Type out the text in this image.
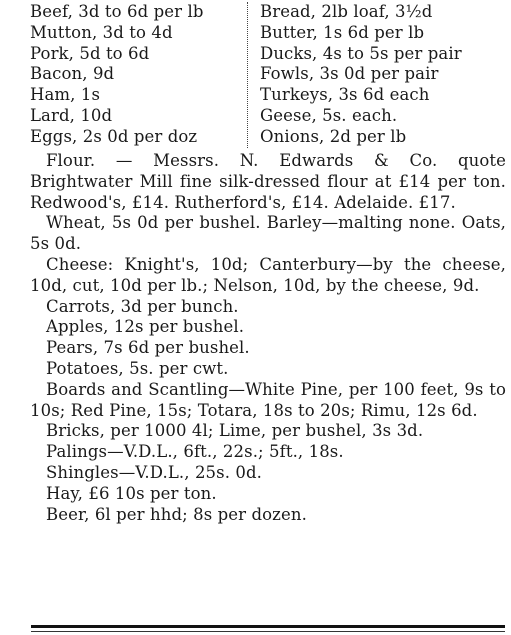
Beef, 3d to 6d per lb
Mutton, 3d to 4d
Pork, 5d to 6d
Bacon, 9d
Ham, 1s
Lard, 10d
Eggs, 2s 0d per doz
Bread, 2lb loaf, 3½d
Butter, 1s 6d per lb
Ducks, 4s to 5s per pair
Fowls, 3s 0d per pair
Turkeys, 3s 6d each
Geese, 5s. each.
Onions, 2d per lb

Flour. — Messrs. N. Edwards & Co. quote Brightwater Mill fine silk-dressed flour at £14 per ton. Redwood's, £14. Rutherford's, £14. Adelaide. £17.

Wheat, 5s 0d per bushel. Barley—malting none. Oats, 5s 0d.

Cheese: Knight's, 10d; Canterbury—by the cheese, 10d, cut, 10d per lb.; Nelson, 10d, by the cheese, 9d.

Carrots, 3d per bunch.

Apples, 12s per bushel.

Pears, 7s 6d per bushel.

Potatoes, 5s. per cwt.

Boards and Scantling—White Pine, per 100 feet, 9s to 10s; Red Pine, 15s; Totara, 18s to 20s; Rimu, 12s 6d.

Bricks, per 1000 4l; Lime, per bushel, 3s 3d.

Palings—V.D.L., 6ft., 22s.; 5ft., 18s.

Shingles—V.D.L., 25s. 0d.

Hay, £6 10s per ton.

Beer, 6l per hhd; 8s per dozen.
